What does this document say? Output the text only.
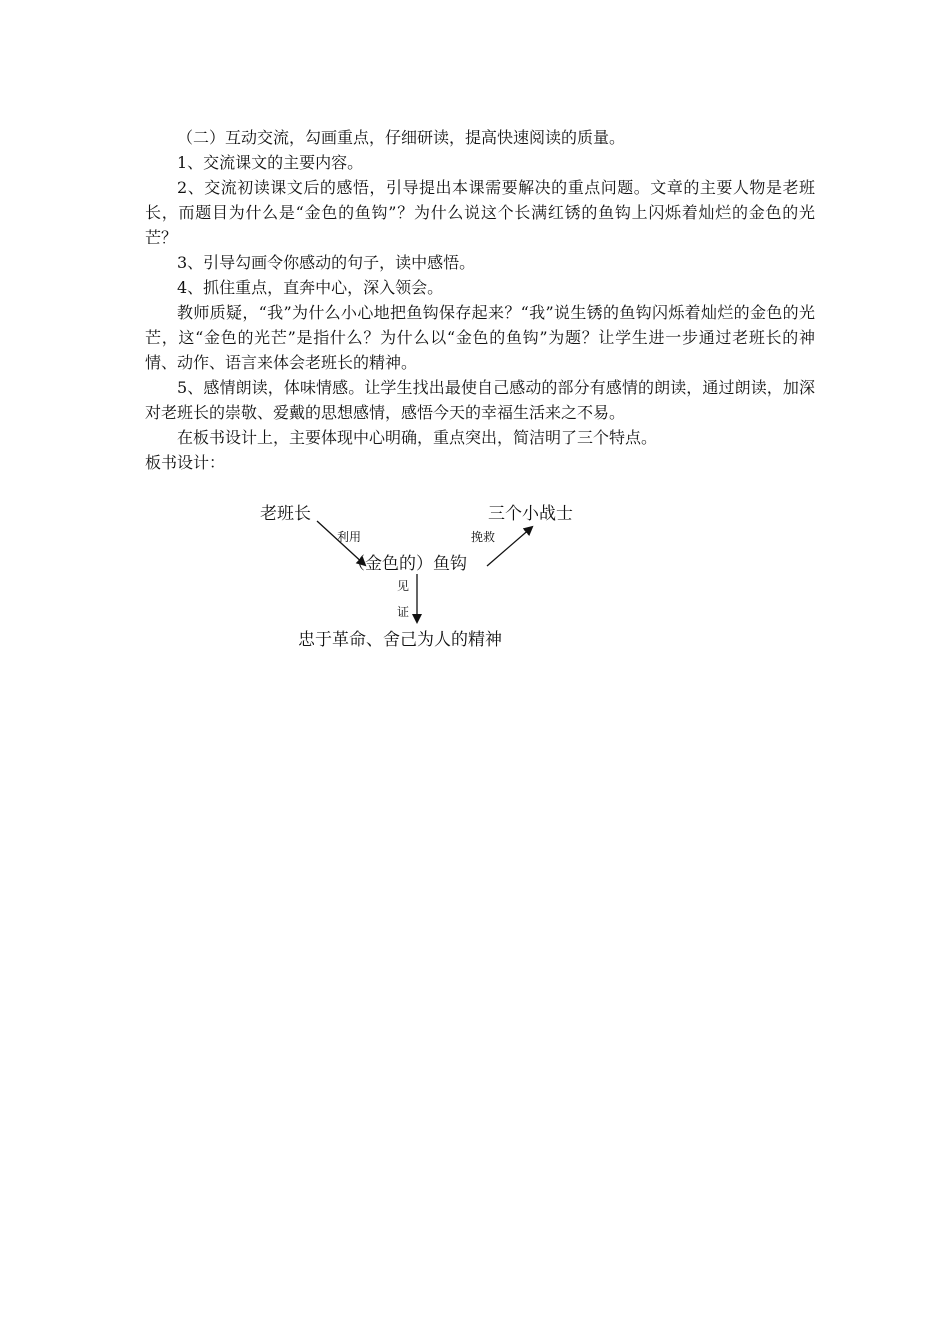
（二）互动交流，勾画重点，仔细研读，提高快速阅读的质量。

1、交流课文的主要内容。

2、交流初读课文后的感悟，引导提出本课需要解决的重点问题。文章的主要人物是老班长，而题目为什么是“金色的鱼钩”？为什么说这个长满红锈的鱼钩上闪烁着灿烂的金色的光芒？

3、引导勾画令你感动的句子，读中感悟。

4、抓住重点，直奔中心，深入领会。

教师质疑，“我”为什么小心地把鱼钩保存起来？“我”说生锈的鱼钩闪烁着灿烂的金色的光芒，这“金色的光芒”是指什么？为什么以“金色的鱼钩”为题？让学生进一步通过老班长的神情、动作、语言来体会老班长的精神。

5、感情朗读，体味情感。让学生找出最使自己感动的部分有感情的朗读，通过朗读，加深对老班长的崇敬、爱戴的思想感情，感悟今天的幸福生活来之不易。

在板书设计上，主要体现中心明确，重点突出，简洁明了三个特点。

板书设计：

老班长	三个小战士
（金色的）鱼钩
忠于革命、舍己为人的精神
利用	挽救
见
证
